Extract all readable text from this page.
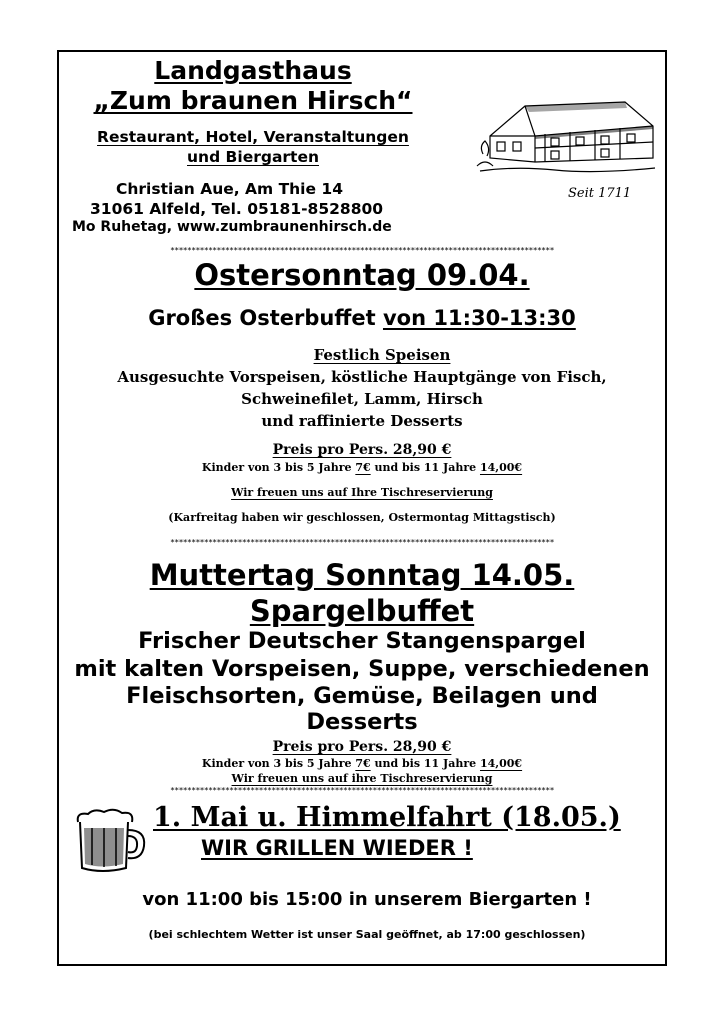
Landgasthaus
„Zum braunen Hirsch“
Restaurant, Hotel, Veranstaltungen
und Biergarten
Christian Aue, Am Thie 14
31061 Alfeld, Tel. 05181-8528800
Mo Ruhetag, www.zumbraunenhirsch.de
Seit 1711
*******************************************************************************************
Ostersonntag 09.04.
Großes Osterbuffet von 11:30-13:30
Festlich Speisen
Ausgesuchte Vorspeisen, köstliche Hauptgänge von Fisch,
Schweinefilet, Lamm, Hirsch
und raffinierte Desserts
Preis pro Pers. 28,90 €
Kinder von 3 bis 5 Jahre 7€ und bis 11 Jahre 14,00€
Wir freuen uns auf Ihre Tischreservierung
(Karfreitag haben wir geschlossen, Ostermontag Mittagstisch)
*******************************************************************************************
Muttertag Sonntag 14.05.
Spargelbuffet
Frischer Deutscher Stangenspargel
mit kalten Vorspeisen, Suppe, verschiedenen
Fleischsorten, Gemüse, Beilagen und
Desserts
Preis pro Pers. 28,90 €
Kinder von 3 bis 5 Jahre 7€ und bis 11 Jahre 14,00€
Wir freuen uns auf ihre Tischreservierung
*******************************************************************************************
1. Mai u. Himmelfahrt (18.05.)
WIR GRILLEN WIEDER !
von 11:00 bis 15:00 in unserem Biergarten !
(bei schlechtem Wetter ist unser Saal geöffnet, ab 17:00 geschlossen)
